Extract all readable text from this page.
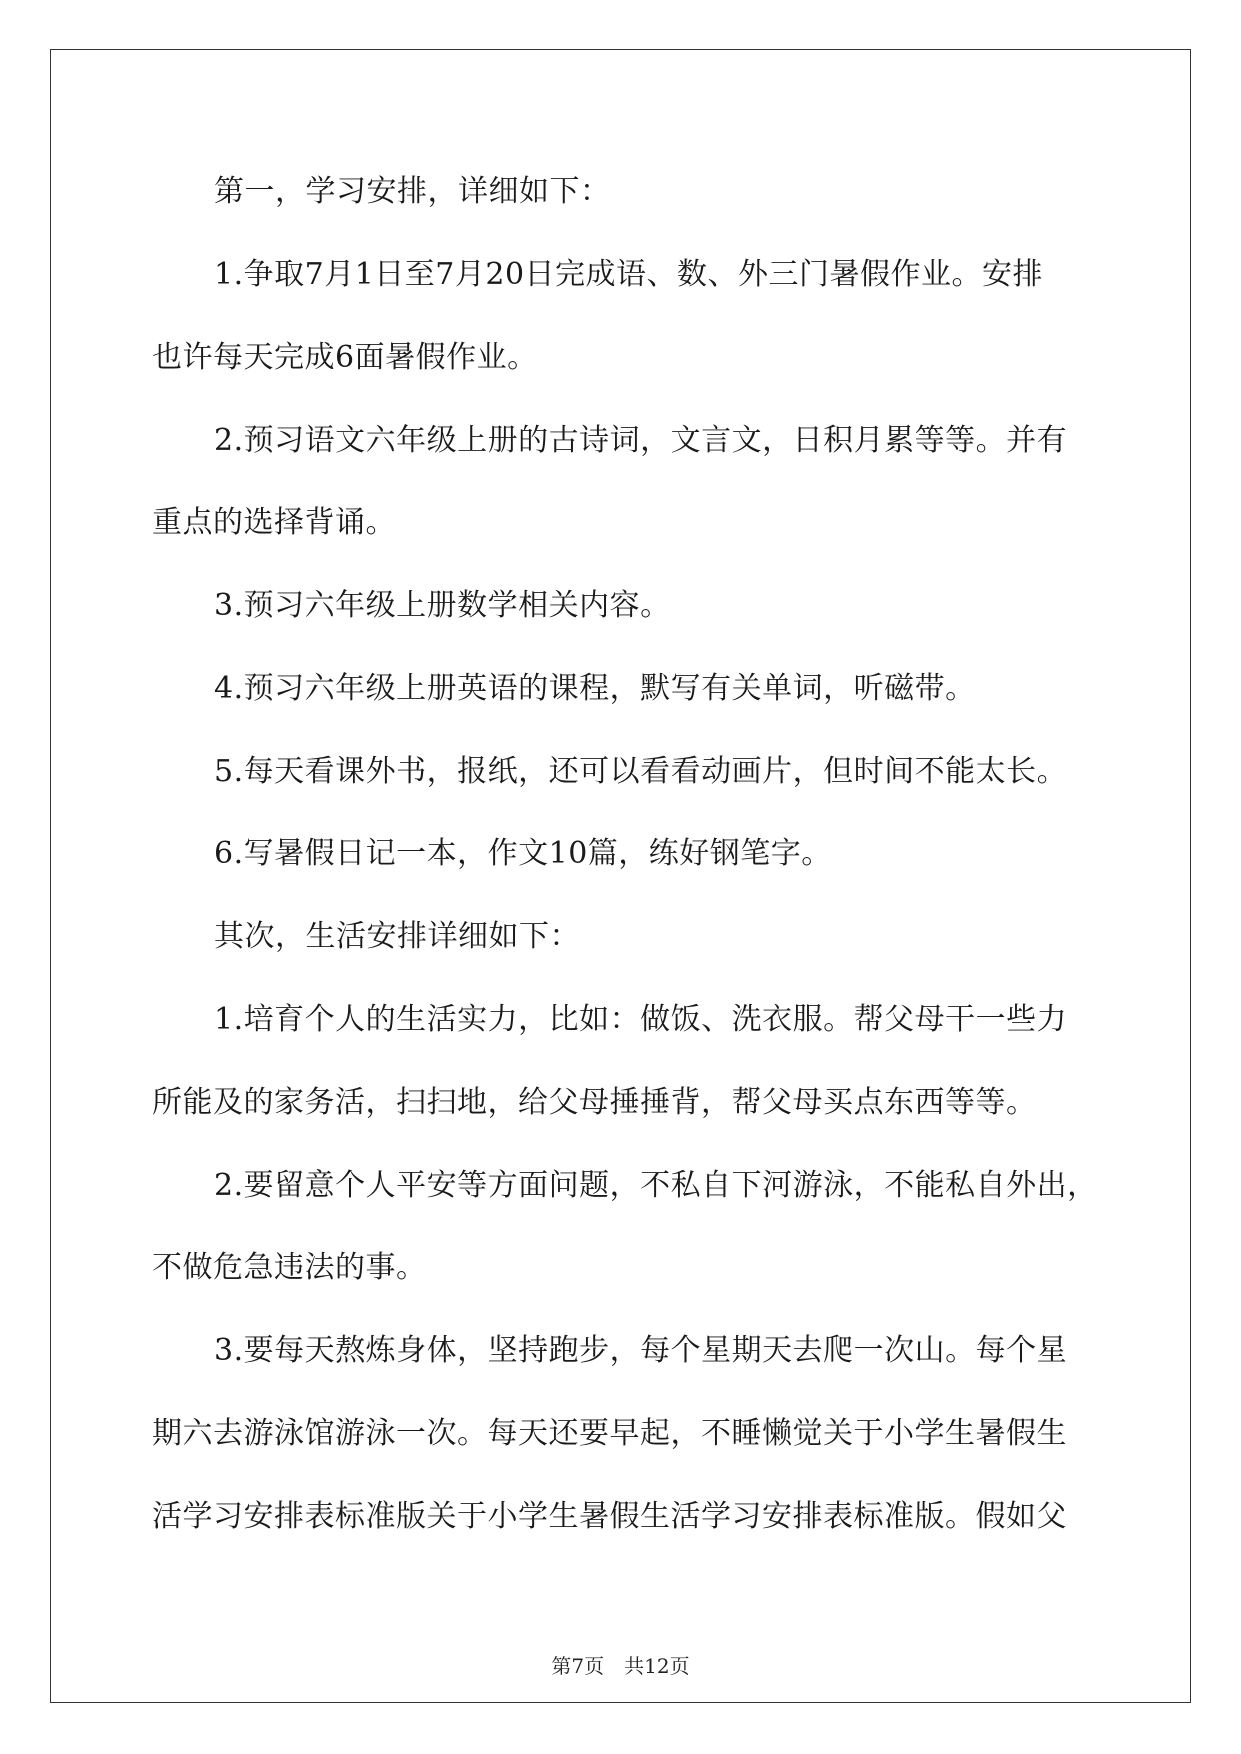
第一，学习安排，详细如下：
1.争取7月1日至7月20日完成语、数、外三门暑假作业。安排
也许每天完成6面暑假作业。
2.预习语文六年级上册的古诗词，文言文，日积月累等等。并有
重点的选择背诵。
3.预习六年级上册数学相关内容。
4.预习六年级上册英语的课程，默写有关单词，听磁带。
5.每天看课外书，报纸，还可以看看动画片，但时间不能太长。
6.写暑假日记一本，作文10篇，练好钢笔字。
其次，生活安排详细如下：
1.培育个人的生活实力，比如：做饭、洗衣服。帮父母干一些力
所能及的家务活，扫扫地，给父母捶捶背，帮父母买点东西等等。
2.要留意个人平安等方面问题，不私自下河游泳，不能私自外出，
不做危急违法的事。
3.要每天熬炼身体，坚持跑步，每个星期天去爬一次山。每个星
期六去游泳馆游泳一次。每天还要早起，不睡懒觉关于小学生暑假生
活学习安排表标准版关于小学生暑假生活学习安排表标准版。假如父
第7页　共12页
